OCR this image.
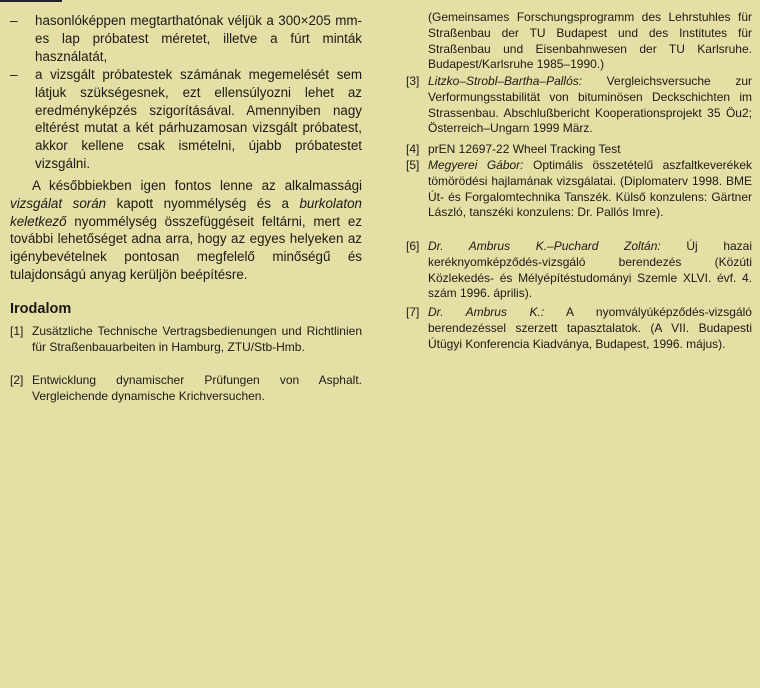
– hasonlóképpen megtarthatónak véljük a 300×205 mm-es lap próbatest méretet, illetve a fúrt minták használatát,
– a vizsgált próbatestek számának megemelését sem látjuk szükségesnek, ezt ellensúlyozni lehet az eredményképzés szigorításával. Amennyiben nagy eltérést mutat a két párhuzamosan vizsgált próbatest, akkor kellene csak ismételni, újabb próbatestet vizsgálni.
A későbbiekben igen fontos lenne az alkalmassági vizsgálat során kapott nyommélység és a burkolaton keletkező nyommélység összefüggéseit feltárni, mert ez további lehetőséget adna arra, hogy az egyes helyeken az igénybevételnek pontosan megfelelő minőségű és tulajdonságú anyag kerüljön beépítésre.
Irodalom
[1] Zusätzliche Technische Vertragsbedienungen und Richtlinien für Straßenbauarbeiten in Hamburg, ZTU/Stb-Hmb.
[2] Entwicklung dynamischer Prüfungen von Asphalt. Vergleichende dynamische Krichversuchen.
(Gemeinsames Forschungsprogramm des Lehrstuhles für Straßenbau der TU Budapest und des Institutes für Straßenbau und Eisenbahnwesen der TU Karlsruhe. Budapest/Karlsruhe 1985–1990.)
[3] Litzko–Strobl–Bartha–Pallós: Vergleichsversuche zur Verformungsstabilität von bituminösen Deckschichten im Strassenbau. Abschlußbericht Kooperationsprojekt 35 Öu2; Österreich–Ungarn 1999 März.
[4] prEN 12697-22 Wheel Tracking Test
[5] Megyerei Gábor: Optimális összetételű aszfaltkeverékek tömörödési hajlamának vizsgálatai. (Diplomaterv 1998. BME Út- és Forgalomtechnika Tanszék. Külső konzulens: Gärtner László, tanszéki konzulens: Dr. Pallós Imre).
[6] Dr. Ambrus K.–Puchard Zoltán: Új hazai keréknyomképződés-vizsgáló berendezés (Közúti Közlekedés- és Mélyépítéstudományi Szemle XLVI. évf. 4. szám 1996. április).
[7] Dr. Ambrus K.: A nyomvályúképződés-vizsgáló berendezéssel szerzett tapasztalatok. (A VII. Budapesti Útügyi Konferencia Kiadványa, Budapest, 1996. május).
